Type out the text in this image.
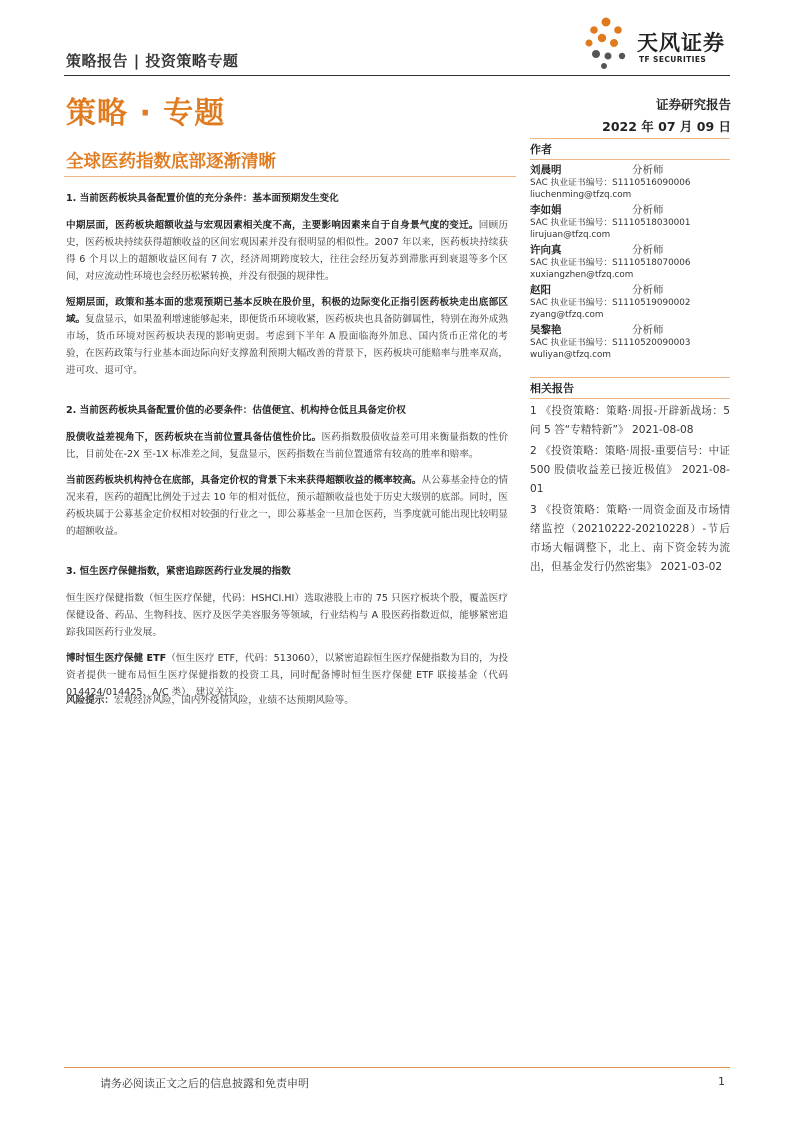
策略报告 | 投资策略专题
天风证券
TF SECURITIES
策略 · 专题	证券研究报告
2022 年 07 月 09 日
全球医药指数底部逐渐清晰
1. 当前医药板块具备配置价值的充分条件：基本面预期发生变化

中期层面，医药板块超额收益与宏观因素相关度不高，主要影响因素来自于自身景气度的变迁。回顾历史，医药板块持续获得超额收益的区间宏观因素并没有很明显的相似性。2007 年以来，医药板块持续获得 6 个月以上的超额收益区间有 7 次，经济周期跨度较大，往往会经历复苏到滞胀再到衰退等多个区间，对应流动性环境也会经历松紧转换，并没有很强的规律性。

短期层面，政策和基本面的悲观预期已基本反映在股价里，积极的边际变化正指引医药板块走出底部区域。复盘显示，如果盈利增速能够起来，即便货币环境收紧，医药板块也具备防御属性，特别在海外成熟市场，货币环境对医药板块表现的影响更弱。考虑到下半年 A 股面临海外加息、国内货币正常化的考验，在医药政策与行业基本面边际向好支撑盈利预期大幅改善的背景下，医药板块可能赔率与胜率双高，进可攻、退可守。

2. 当前医药板块具备配置价值的必要条件：估值便宜、机构持仓低且具备定价权

股债收益差视角下，医药板块在当前位置具备估值性价比。医药指数股债收益差可用来衡量指数的性价比，目前处在-2X 至-1X 标准差之间，复盘显示，医药指数在当前位置通常有较高的胜率和赔率。

当前医药板块机构持仓在底部，具备定价权的背景下未来获得超额收益的概率较高。从公募基金持仓的情况来看，医药的超配比例处于过去 10 年的相对低位，预示超额收益也处于历史大级别的底部。同时，医药板块属于公募基金定价权相对较强的行业之一，即公募基金一旦加仓医药，当季度就可能出现比较明显的超额收益。

3. 恒生医疗保健指数，紧密追踪医药行业发展的指数

恒生医疗保健指数（恒生医疗保健，代码：HSHCI.HI）选取港股上市的 75 只医疗板块个股，覆盖医疗保健设备、药品、生物科技、医疗及医学美容服务等领域，行业结构与 A 股医药指数近似，能够紧密追踪我国医药行业发展。

博时恒生医疗保健 ETF（恒生医疗 ETF，代码：513060），以紧密追踪恒生医疗保健指数为目的，为投资者提供一键布局恒生医疗保健指数的投资工具，同时配备博时恒生医疗保健 ETF 联接基金（代码 014424/014425，A/C 类），建议关注。

风险提示：宏观经济风险，国内外疫情风险，业绩不达预期风险等。
作者
刘晨明	分析师
SAC 执业证书编号：S1110516090006
liuchenming@tfzq.com
李如娟	分析师
SAC 执业证书编号：S1110518030001
lirujuan@tfzq.com
许向真	分析师
SAC 执业证书编号：S1110518070006
xuxiangzhen@tfzq.com
赵阳	分析师
SAC 执业证书编号：S1110519090002
zyang@tfzq.com
吴黎艳	分析师
SAC 执业证书编号：S1110520090003
wuliyan@tfzq.com
相关报告
1 《投资策略：策略·周报-开辟新战场：5 问 5 答“专精特新”》 2021-08-08
2 《投资策略：策略·周报-重要信号：中证 500 股债收益差已接近极值》 2021-08-01
3 《投资策略：策略·一周资金面及市场情绪监控（20210222-20210228）-节后市场大幅调整下，北上、南下资金转为流出，但基金发行仍然密集》 2021-03-02
请务必阅读正文之后的信息披露和免责申明	1
